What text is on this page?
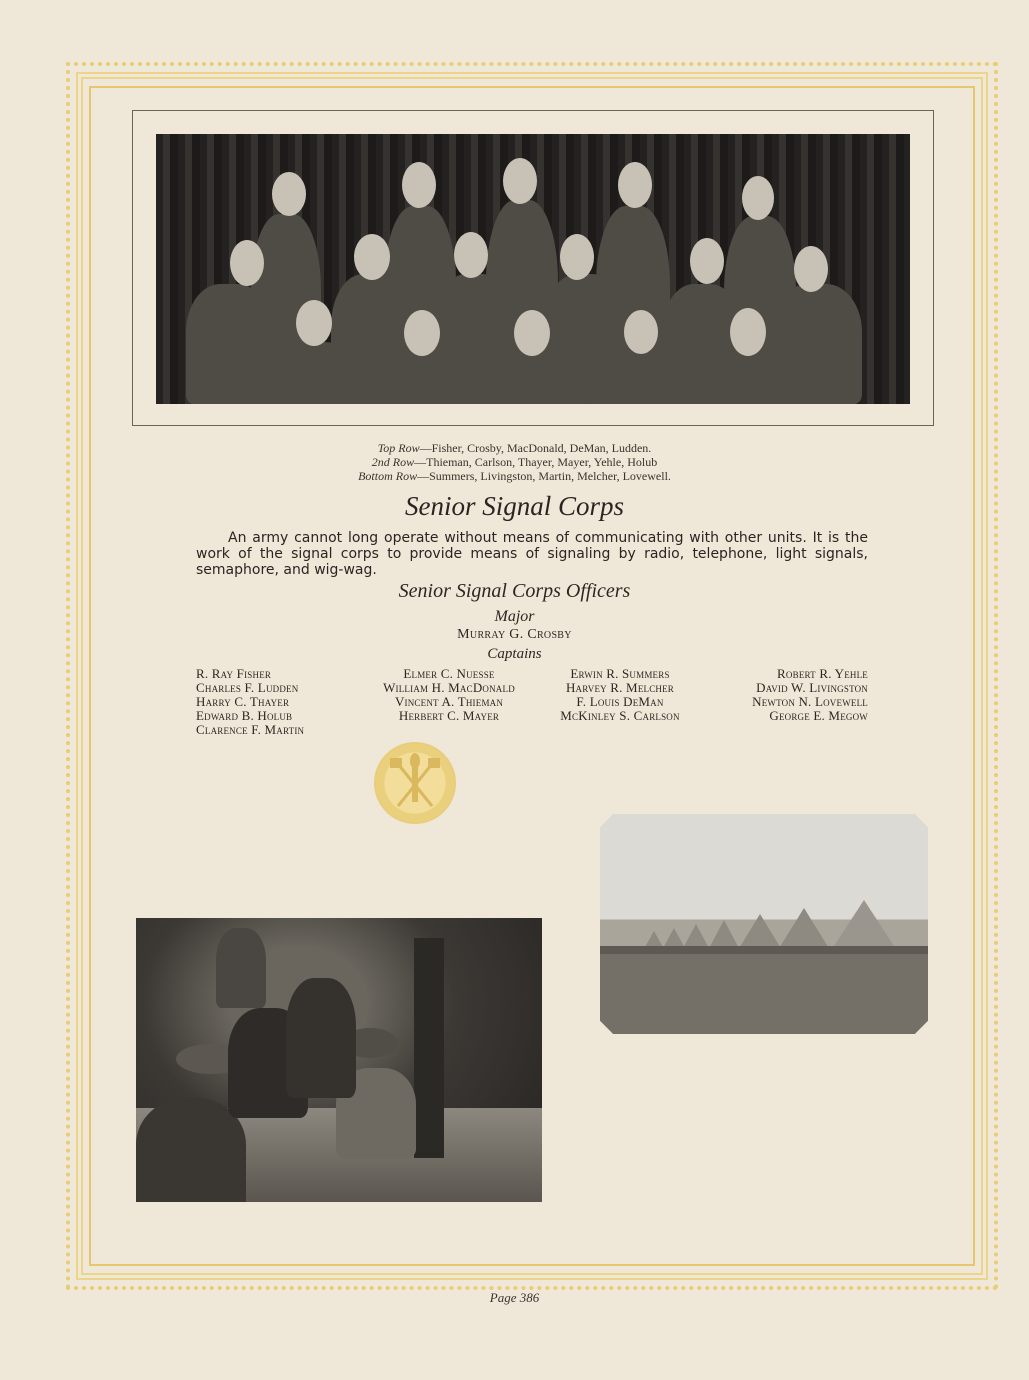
Top Row—Fisher, Crosby, MacDonald, DeMan, Ludden.
2nd Row—Thieman, Carlson, Thayer, Mayer, Yehle, Holub
Bottom Row—Summers, Livingston, Martin, Melcher, Lovewell.
Senior Signal Corps
An army cannot long operate without means of communicating with other units. It is the work of the signal corps to provide means of signaling by radio, telephone, light signals, semaphore, and wig-wag.
Senior Signal Corps Officers
Major
Murray G. Crosby
Captains
R. Ray Fisher
Charles F. Ludden
Harry C. Thayer
Edward B. Holub
Clarence F. Martin
Elmer C. Nuesse
William H. MacDonald
Vincent A. Thieman
Herbert C. Mayer
Erwin R. Summers
Harvey R. Melcher
F. Louis DeMan
McKinley S. Carlson
Robert R. Yehle
David W. Livingston
Newton N. Lovewell
George E. Megow
Page 386
